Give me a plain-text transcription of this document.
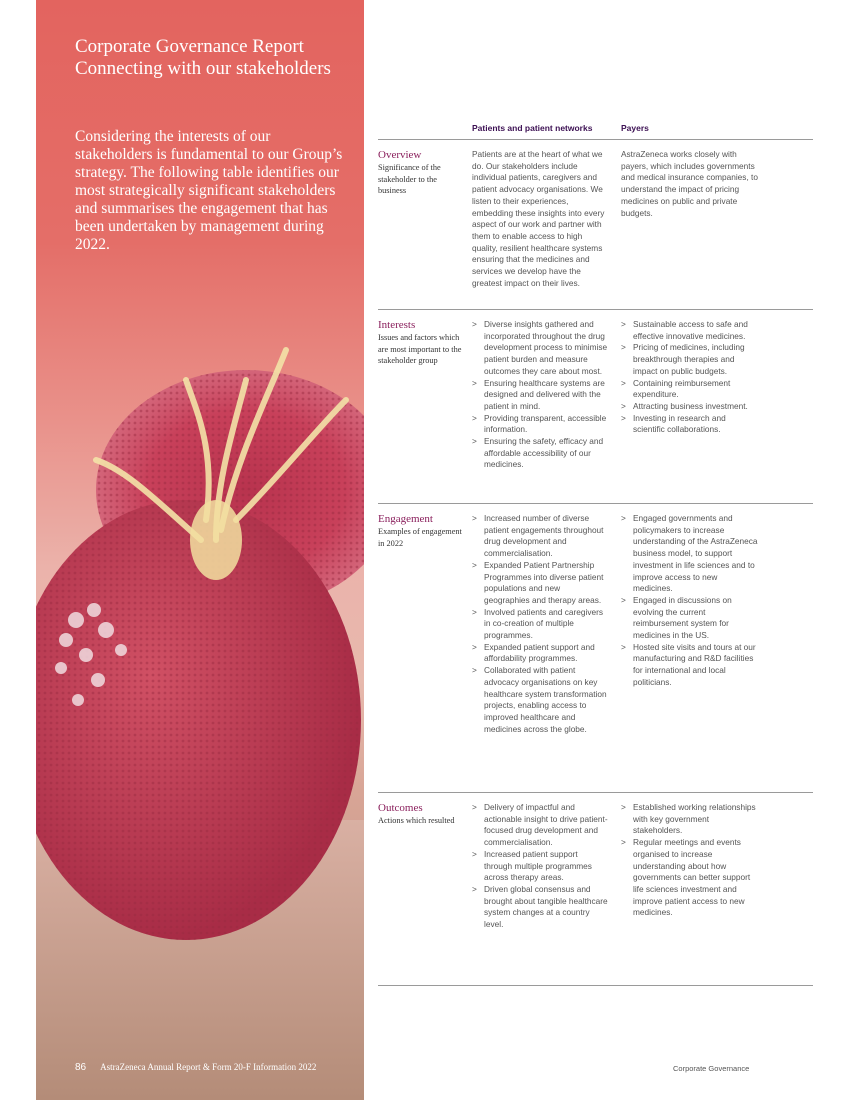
Corporate Governance Report
Connecting with our stakeholders
Considering the interests of our stakeholders is fundamental to our Group’s strategy. The following table identifies our most strategically significant stakeholders and summarises the engagement that has been undertaken by management during 2022.
86 AstraZeneca Annual Report & Form 20-F Information 2022
Patients and patient networks	Payers
Overview
Significance of the stakeholder to the business

Patients are at the heart of what we do. Our stakeholders include individual patients, caregivers and patient advocacy organisations. We listen to their experiences, embedding these insights into every aspect of our work and partner with them to enable access to high quality, resilient healthcare systems ensuring that the medicines and services we develop have the greatest impact on their lives.

AstraZeneca works closely with payers, which includes governments and medical insurance companies, to understand the impact of pricing medicines on public and private budgets.

Interests
Issues and factors which are most important to the stakeholder group
> Diverse insights gathered and incorporated throughout the drug development process to minimise patient burden and measure outcomes they care about most.
> Ensuring healthcare systems are designed and delivered with the patient in mind.
> Providing transparent, accessible information.
> Ensuring the safety, efficacy and affordable accessibility of our medicines.
> Sustainable access to safe and effective innovative medicines.
> Pricing of medicines, including breakthrough therapies and impact on public budgets.
> Containing reimbursement expenditure.
> Attracting business investment.
> Investing in research and scientific collaborations.
Engagement
Examples of engagement in 2022
> Increased number of diverse patient engagements throughout drug development and commercialisation.
> Expanded Patient Partnership Programmes into diverse patient populations and new geographies and therapy areas.
> Involved patients and caregivers in co-creation of multiple programmes.
> Expanded patient support and affordability programmes.
> Collaborated with patient advocacy organisations on key healthcare system transformation projects, enabling access to improved healthcare and medicines across the globe.
> Engaged governments and policymakers to increase understanding of the AstraZeneca business model, to support investment in life sciences and to improve access to new medicines.
> Engaged in discussions on evolving the current reimbursement system for medicines in the US.
> Hosted site visits and tours at our manufacturing and R&D facilities for international and local politicians.
Outcomes
Actions which resulted
> Delivery of impactful and actionable insight to drive patient-focused drug development and commercialisation.
> Increased patient support through multiple programmes across therapy areas.
> Driven global consensus and brought about tangible healthcare system changes at a country level.
> Established working relationships with key government stakeholders.
> Regular meetings and events organised to increase understanding about how governments can better support life sciences investment and improve patient access to new medicines.
Corporate Governance
